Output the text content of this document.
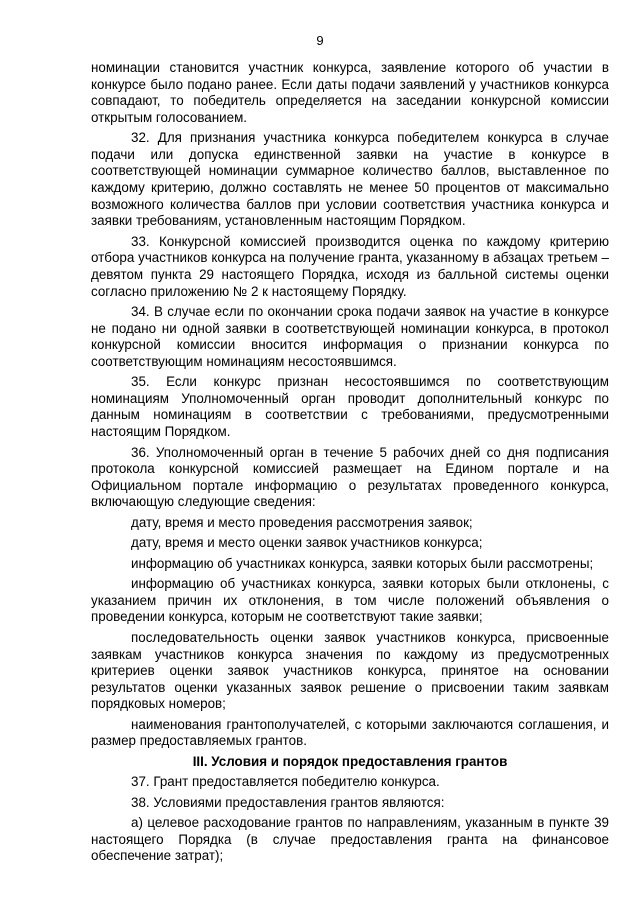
9

номинации становится участник конкурса, заявление которого об участии в конкурсе было подано ранее. Если даты подачи заявлений у участников конкурса совпадают, то победитель определяется на заседании конкурсной комиссии открытым голосованием.

32. Для признания участника конкурса победителем конкурса в случае подачи или допуска единственной заявки на участие в конкурсе в соответствующей номинации суммарное количество баллов, выставленное по каждому критерию, должно составлять не менее 50 процентов от максимально возможного количества баллов при условии соответствия участника конкурса и заявки требованиям, установленным настоящим Порядком.

33. Конкурсной комиссией производится оценка по каждому критерию отбора участников конкурса на получение гранта, указанному в абзацах третьем – девятом пункта 29 настоящего Порядка, исходя из балльной системы оценки согласно приложению № 2 к настоящему Порядку.

34. В случае если по окончании срока подачи заявок на участие в конкурсе не подано ни одной заявки в соответствующей номинации конкурса, в протокол конкурсной комиссии вносится информация о признании конкурса по соответствующим номинациям несостоявшимся.

35. Если конкурс признан несостоявшимся по соответствующим номинациям Уполномоченный орган проводит дополнительный конкурс по данным номинациям в соответствии с требованиями, предусмотренными настоящим Порядком.

36. Уполномоченный орган в течение 5 рабочих дней со дня подписания протокола конкурсной комиссией размещает на Едином портале и на Официальном портале информацию о результатах проведенного конкурса, включающую следующие сведения:

дату, время и место проведения рассмотрения заявок;

дату, время и место оценки заявок участников конкурса;

информацию об участниках конкурса, заявки которых были рассмотрены;

информацию об участниках конкурса, заявки которых были отклонены, с указанием причин их отклонения, в том числе положений объявления о проведении конкурса, которым не соответствуют такие заявки;

последовательность оценки заявок участников конкурса, присвоенные заявкам участников конкурса значения по каждому из предусмотренных критериев оценки заявок участников конкурса, принятое на основании результатов оценки указанных заявок решение о присвоении таким заявкам порядковых номеров;

наименования грантополучателей, с которыми заключаются соглашения, и размер предоставляемых грантов.

III. Условия и порядок предоставления грантов

37. Грант предоставляется победителю конкурса.

38. Условиями предоставления грантов являются:

а) целевое расходование грантов по направлениям, указанным в пункте 39 настоящего Порядка (в случае предоставления гранта на финансовое обеспечение затрат);
